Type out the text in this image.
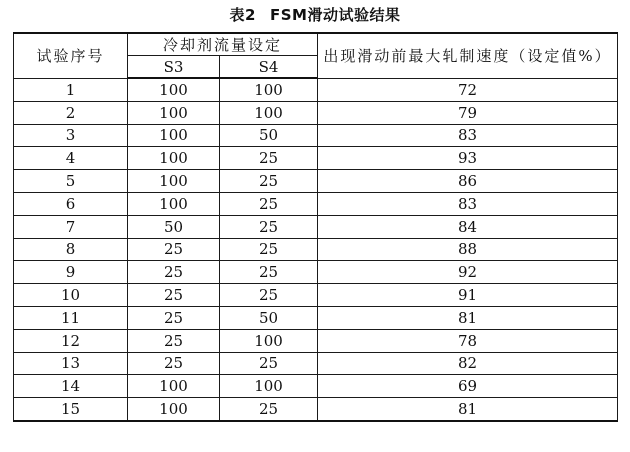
表2 FSM滑动试验结果
试验序号	冷却剂流量设定		出现滑动前最大轧制速度（设定值%）
	S3	S4	
1	100	100	72
2	100	100	79
3	100	50	83
4	100	25	93
5	100	25	86
6	100	25	83
7	50	25	84
8	25	25	88
9	25	25	92
10	25	25	91
11	25	50	81
12	25	100	78
13	25	25	82
14	100	100	69
15	100	25	81
